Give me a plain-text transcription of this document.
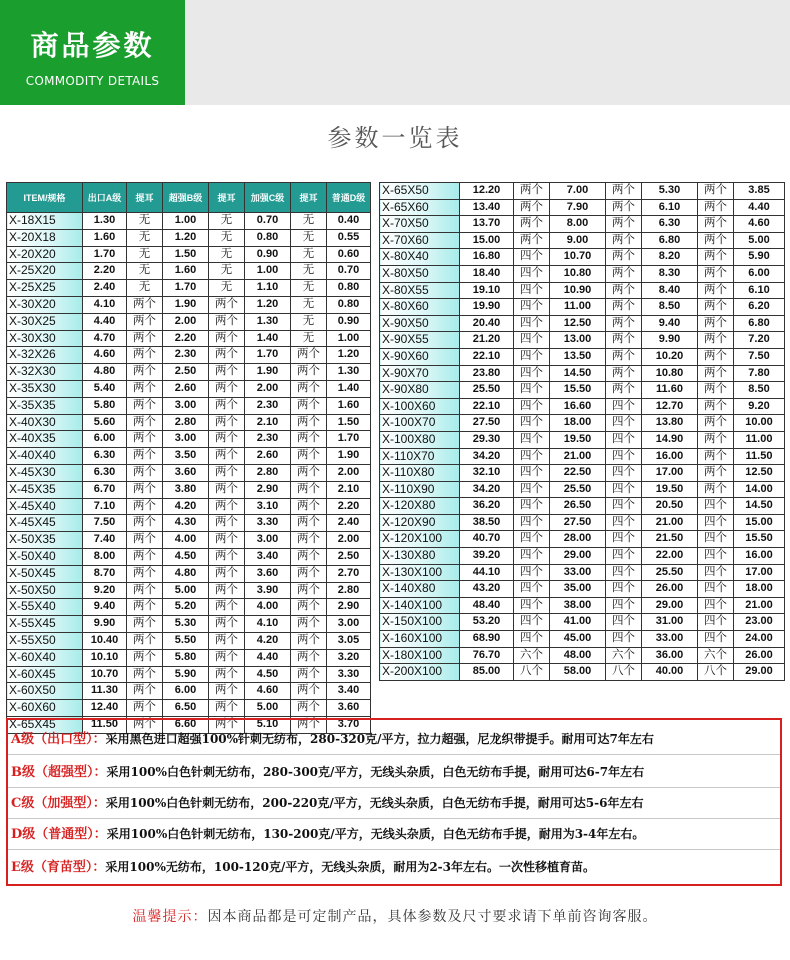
商品参数
COMMODITY DETAILS
参数一览表
ITEM/规格	出口A级	提耳	超强B级	提耳	加强C级	提耳	普通D级
X-18X15	1.30	无	1.00	无	0.70	无	0.40
X-20X18	1.60	无	1.20	无	0.80	无	0.55
X-20X20	1.70	无	1.50	无	0.90	无	0.60
X-25X20	2.20	无	1.60	无	1.00	无	0.70
X-25X25	2.40	无	1.70	无	1.10	无	0.80
X-30X20	4.10	两个	1.90	两个	1.20	无	0.80
X-30X25	4.40	两个	2.00	两个	1.30	无	0.90
X-30X30	4.70	两个	2.20	两个	1.40	无	1.00
X-32X26	4.60	两个	2.30	两个	1.70	两个	1.20
X-32X30	4.80	两个	2.50	两个	1.90	两个	1.30
X-35X30	5.40	两个	2.60	两个	2.00	两个	1.40
X-35X35	5.80	两个	3.00	两个	2.30	两个	1.60
X-40X30	5.60	两个	2.80	两个	2.10	两个	1.50
X-40X35	6.00	两个	3.00	两个	2.30	两个	1.70
X-40X40	6.30	两个	3.50	两个	2.60	两个	1.90
X-45X30	6.30	两个	3.60	两个	2.80	两个	2.00
X-45X35	6.70	两个	3.80	两个	2.90	两个	2.10
X-45X40	7.10	两个	4.20	两个	3.10	两个	2.20
X-45X45	7.50	两个	4.30	两个	3.30	两个	2.40
X-50X35	7.40	两个	4.00	两个	3.00	两个	2.00
X-50X40	8.00	两个	4.50	两个	3.40	两个	2.50
X-50X45	8.70	两个	4.80	两个	3.60	两个	2.70
X-50X50	9.20	两个	5.00	两个	3.90	两个	2.80
X-55X40	9.40	两个	5.20	两个	4.00	两个	2.90
X-55X45	9.90	两个	5.30	两个	4.10	两个	3.00
X-55X50	10.40	两个	5.50	两个	4.20	两个	3.05
X-60X40	10.10	两个	5.80	两个	4.40	两个	3.20
X-60X45	10.70	两个	5.90	两个	4.50	两个	3.30
X-60X50	11.30	两个	6.00	两个	4.60	两个	3.40
X-60X60	12.40	两个	6.50	两个	5.00	两个	3.60
X-65X45	11.50	两个	6.60	两个	5.10	两个	3.70
X-65X50	12.20	两个	7.00	两个	5.30	两个	3.85
X-65X60	13.40	两个	7.90	两个	6.10	两个	4.40
X-70X50	13.70	两个	8.00	两个	6.30	两个	4.60
X-70X60	15.00	两个	9.00	两个	6.80	两个	5.00
X-80X40	16.80	四个	10.70	两个	8.20	两个	5.90
X-80X50	18.40	四个	10.80	两个	8.30	两个	6.00
X-80X55	19.10	四个	10.90	两个	8.40	两个	6.10
X-80X60	19.90	四个	11.00	两个	8.50	两个	6.20
X-90X50	20.40	四个	12.50	两个	9.40	两个	6.80
X-90X55	21.20	四个	13.00	两个	9.90	两个	7.20
X-90X60	22.10	四个	13.50	两个	10.20	两个	7.50
X-90X70	23.80	四个	14.50	两个	10.80	两个	7.80
X-90X80	25.50	四个	15.50	两个	11.60	两个	8.50
X-100X60	22.10	四个	16.60	四个	12.70	两个	9.20
X-100X70	27.50	四个	18.00	四个	13.80	两个	10.00
X-100X80	29.30	四个	19.50	四个	14.90	两个	11.00
X-110X70	34.20	四个	21.00	四个	16.00	两个	11.50
X-110X80	32.10	四个	22.50	四个	17.00	两个	12.50
X-110X90	34.20	四个	25.50	四个	19.50	两个	14.00
X-120X80	36.20	四个	26.50	四个	20.50	四个	14.50
X-120X90	38.50	四个	27.50	四个	21.00	四个	15.00
X-120X100	40.70	四个	28.00	四个	21.50	四个	15.50
X-130X80	39.20	四个	29.00	四个	22.00	四个	16.00
X-130X100	44.10	四个	33.00	四个	25.50	四个	17.00
X-140X80	43.20	四个	35.00	四个	26.00	四个	18.00
X-140X100	48.40	四个	38.00	四个	29.00	四个	21.00
X-150X100	53.20	四个	41.00	四个	31.00	四个	23.00
X-160X100	68.90	四个	45.00	四个	33.00	四个	24.00
X-180X100	76.70	六个	48.00	六个	36.00	六个	26.00
X-200X100	85.00	八个	58.00	八个	40.00	八个	29.00
A级（出口型）：采用黑色进口超强100%针刺无纺布，280-320克/平方，拉力超强，尼龙织带提手。耐用可达7年左右
B级（超强型）：采用100%白色针刺无纺布，280-300克/平方，无线头杂质，白色无纺布手提，耐用可达6-7年左右
C级（加强型）：采用100%白色针刺无纺布，200-220克/平方，无线头杂质，白色无纺布手提，耐用可达5-6年左右
D级（普通型）：采用100%白色针刺无纺布，130-200克/平方，无线头杂质，白色无纺布手提，耐用为3-4年左右。
E级（育苗型）：采用100%无纺布，100-120克/平方，无线头杂质，耐用为2-3年左右。一次性移植育苗。
温馨提示：因本商品都是可定制产品，具体参数及尺寸要求请下单前咨询客服。
